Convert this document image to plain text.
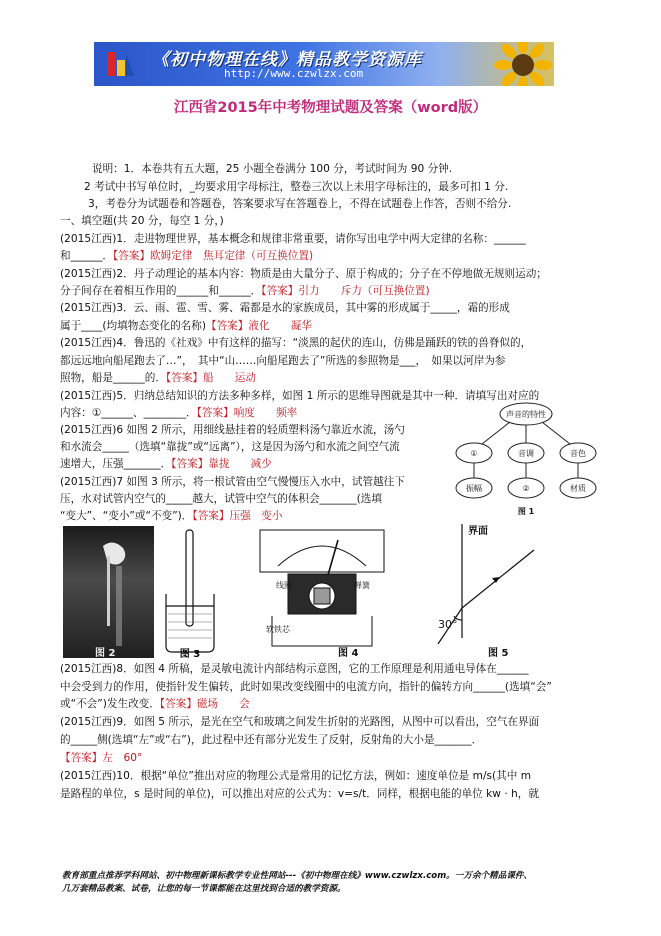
《初中物理在线》精品教学资源库
http://www.czwlzx.com
江西省2015年中考物理试题及答案（word版）
说明：1．本卷共有五大题，25 小题全卷满分 100 分，考试时间为 90 分钟.
2 考试中书写单位时，_均要求用字母标注，整卷三次以上未用字母标注的，最多可扣 1 分.
3，考卷分为试题卷和答题卷，答案要求写在答题卷上，不得在试题卷上作答，否则不给分.
一、填空题(共 20 分，每空 1 分，)
(2015江西)1．走进物理世界，基本概念和规律非常重要，请你写出电学中两大定律的名称：______
和______．【答案】欧姆定律　焦耳定律（可互换位置)
(2015江西)2．丹子动理论的基本内容：物质是由大量分子、原于构成的；分子在不停地做无规则运动；
分子间存在着相互作用的______和______．【答案】引力　　斥力（可互换位置)
(2015江西)3．云、雨、雹、雪、雾、霜都是水的家族成员，其中雾的形成属于_____，霜的形成
属于____(均填物态变化的名称)【答案】液化　　凝华
(2015江西)4．鲁迅的《社戏》中有这样的描写：“淡黑的起伏的连山，仿佛是踊跃的铁的兽脊似的，
都远远地向船尾跑去了…”，　其中“山……向船尾跑去了”所选的参照物是___，　如果以河岸为参
照物，船是______的．【答案】船　　运动
(2015江西)5．归纳总结知识的方法多种多样，如图 1 所示的思维导图就是其中一种．请填写出对应的
内容：①______、________．【答案】响度　　频率
(2015江西)6 如图 2 所示，用细线悬挂着的轻质塑料汤勺靠近水流，汤勺
和水流会_____（选填“靠拢”或“远离”），这是因为汤勺和水流之间空气流
速增大，压强_______．【答案】靠拢　　减少
(2015江西)7 如图 3 所示，将一根试管由空气慢慢压入水中，试管越往下
压，水对试管内空气的_____越大，试管中空气的体积会_______(选填
“变大”、“变小”或“不变”)．【答案】压强　变小
声音的特性
①	音调	音色
振幅	②	材质
图 1
图 2	图 3
线圈	弹簧
软铁芯
图 4
界面
30°
图 5
(2015江西)8．如图 4 所稿，是灵敏电流计内部结构示意图，它的工作原理是利用通电导体在______
中会受到力的作用，使指针发生偏转，此时如果改变线圈中的电流方向，指针的偏转方向______(选填“会”
或“不会”)发生改变．【答案】磁场　　会
(2015江西)9．如图 5 所示，是光在空气和玻璃之间发生折射的光路图，从图中可以看出，空气在界面
的_____侧(选填“左”或“右”)，此过程中还有部分光发生了反射，反射角的大小是_______．
【答案】左　60°
(2015江西)10．根据“单位”推出对应的物理公式是常用的记忆方法，例如：速度单位是 m/s(其中 m
是路程的单位，s 是时间的单位)，可以推出对应的公式为：v=s/t．同样，根据电能的单位 kw · h，就
教育部重点推荐学科网站、初中物理新课标教学专业性网站---《初中物理在线》www.czwlzx.com。一万余个精品课件、
几万套精品教案、试卷，让您的每一节课都能在这里找到合适的教学资源。
